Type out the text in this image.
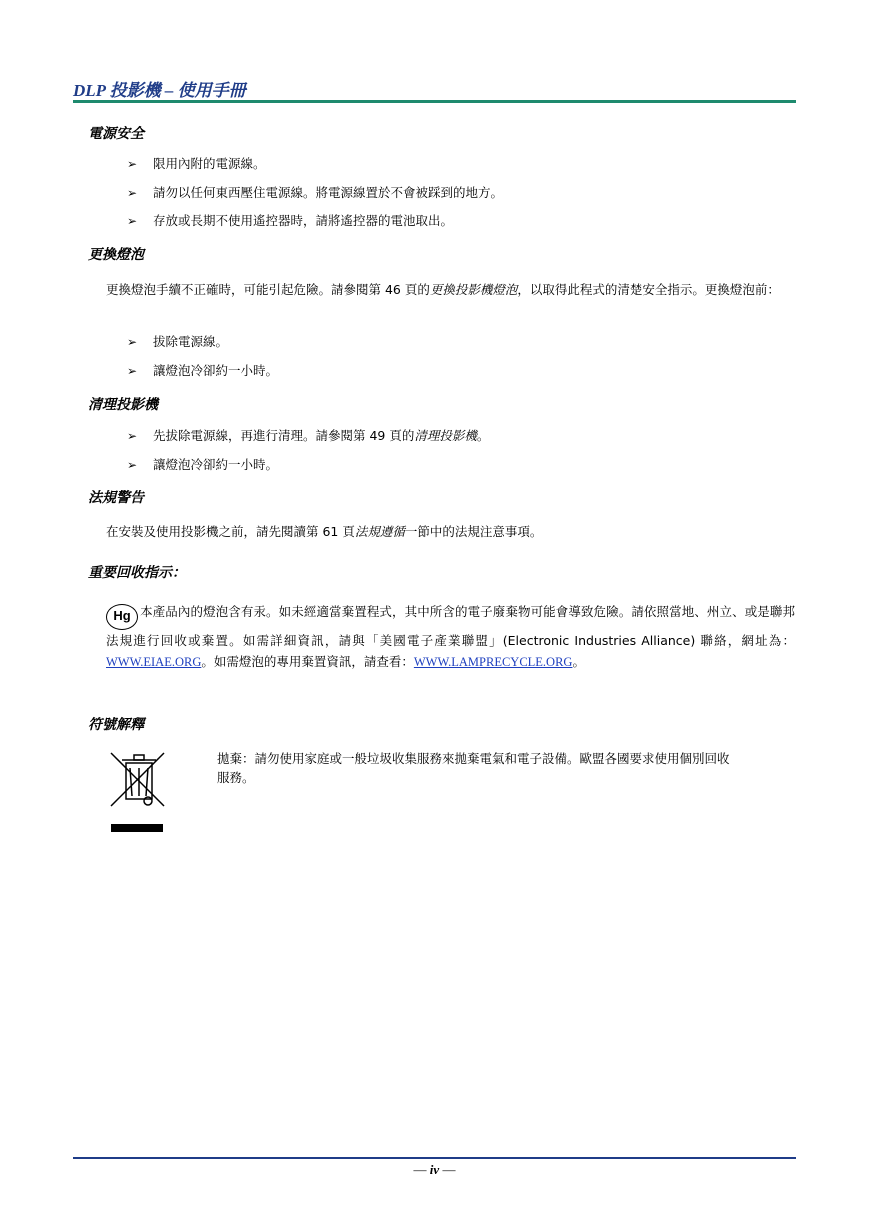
DLP 投影機 – 使用手冊
電源安全
➢ 限用內附的電源線。
➢ 請勿以任何東西壓住電源線。將電源線置於不會被踩到的地方。
➢ 存放或長期不使用遙控器時，請將遙控器的電池取出。
更換燈泡
更換燈泡手續不正確時，可能引起危險。請參閱第 46 頁的更換投影機燈泡，以取得此程式的清楚安全指示。更換燈泡前：
➢ 拔除電源線。
➢ 讓燈泡冷卻約一小時。
清理投影機
➢ 先拔除電源線，再進行清理。請參閱第 49 頁的清理投影機。
➢ 讓燈泡冷卻約一小時。
法規警告
在安裝及使用投影機之前，請先閱讀第 61 頁法規遵循一節中的法規注意事項。
重要回收指示：
Hg 本產品內的燈泡含有汞。如未經適當棄置程式，其中所含的電子廢棄物可能會導致危險。請依照當地、州立、或是聯邦法規進行回收或棄置。如需詳細資訊，請與「美國電子產業聯盟」(Electronic Industries Alliance) 聯絡，網址為：WWW.EIAE.ORG。如需燈泡的專用棄置資訊，請查看：WWW.LAMPRECYCLE.ORG。
符號解釋
拋棄：請勿使用家庭或一般垃圾收集服務來拋棄電氣和電子設備。歐盟各國要求使用個別回收服務。
— iv —
